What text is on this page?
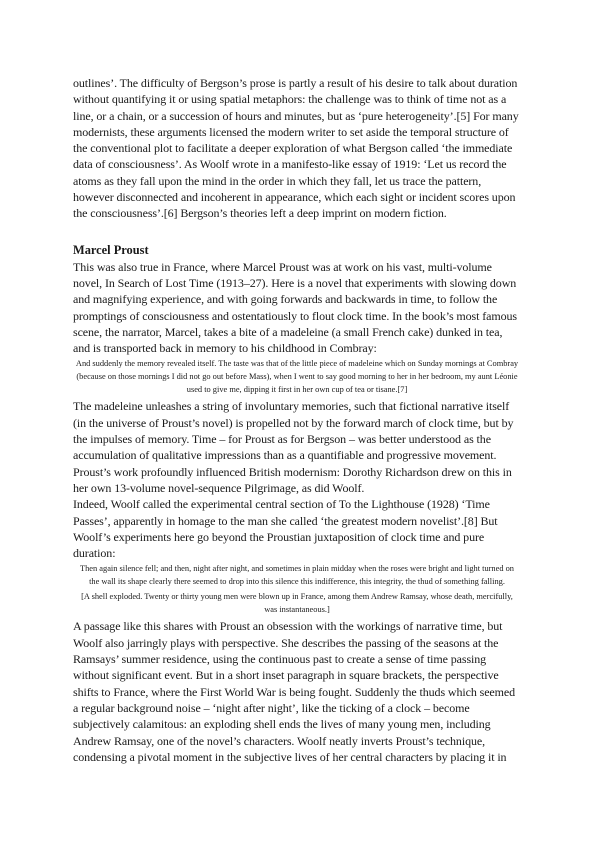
outlines’. The difficulty of Bergson’s prose is partly a result of his desire to talk about duration without quantifying it or using spatial metaphors: the challenge was to think of time not as a line, or a chain, or a succession of hours and minutes, but as ‘pure heterogeneity’.[5] For many modernists, these arguments licensed the modern writer to set aside the temporal structure of the conventional plot to facilitate a deeper exploration of what Bergson called ‘the immediate data of consciousness’. As Woolf wrote in a manifesto-like essay of 1919: ‘Let us record the atoms as they fall upon the mind in the order in which they fall, let us trace the pattern, however disconnected and incoherent in appearance, which each sight or incident scores upon the consciousness’.[6] Bergson’s theories left a deep imprint on modern fiction.

Marcel Proust

This was also true in France, where Marcel Proust was at work on his vast, multi-volume novel, In Search of Lost Time (1913–27). Here is a novel that experiments with slowing down and magnifying experience, and with going forwards and backwards in time, to follow the promptings of consciousness and ostentatiously to flout clock time. In the book’s most famous scene, the narrator, Marcel, takes a bite of a madeleine (a small French cake) dunked in tea, and is transported back in memory to his childhood in Combray:

And suddenly the memory revealed itself. The taste was that of the little piece of madeleine which on Sunday mornings at Combray (because on those mornings I did not go out before Mass), when I went to say good morning to her in her bedroom, my aunt Léonie used to give me, dipping it first in her own cup of tea or tisane.[7]

The madeleine unleashes a string of involuntary memories, such that fictional narrative itself (in the universe of Proust’s novel) is propelled not by the forward march of clock time, but by the impulses of memory. Time – for Proust as for Bergson – was better understood as the accumulation of qualitative impressions than as a quantifiable and progressive movement. Proust’s work profoundly influenced British modernism: Dorothy Richardson drew on this in her own 13-volume novel-sequence Pilgrimage, as did Woolf.

Indeed, Woolf called the experimental central section of To the Lighthouse (1928) ‘Time Passes’, apparently in homage to the man she called ‘the greatest modern novelist’.[8] But Woolf’s experiments here go beyond the Proustian juxtaposition of clock time and pure duration:

Then again silence fell; and then, night after night, and sometimes in plain midday when the roses were bright and light turned on the wall its shape clearly there seemed to drop into this silence this indifference, this integrity, the thud of something falling.

[A shell exploded. Twenty or thirty young men were blown up in France, among them Andrew Ramsay, whose death, mercifully, was instantaneous.]

A passage like this shares with Proust an obsession with the workings of narrative time, but Woolf also jarringly plays with perspective. She describes the passing of the seasons at the Ramsays’ summer residence, using the continuous past to create a sense of time passing without significant event. But in a short inset paragraph in square brackets, the perspective shifts to France, where the First World War is being fought. Suddenly the thuds which seemed a regular background noise – ‘night after night’, like the ticking of a clock – become subjectively calamitous: an exploding shell ends the lives of many young men, including Andrew Ramsay, one of the novel’s characters. Woolf neatly inverts Proust’s technique, condensing a pivotal moment in the subjective lives of her central characters by placing it in
